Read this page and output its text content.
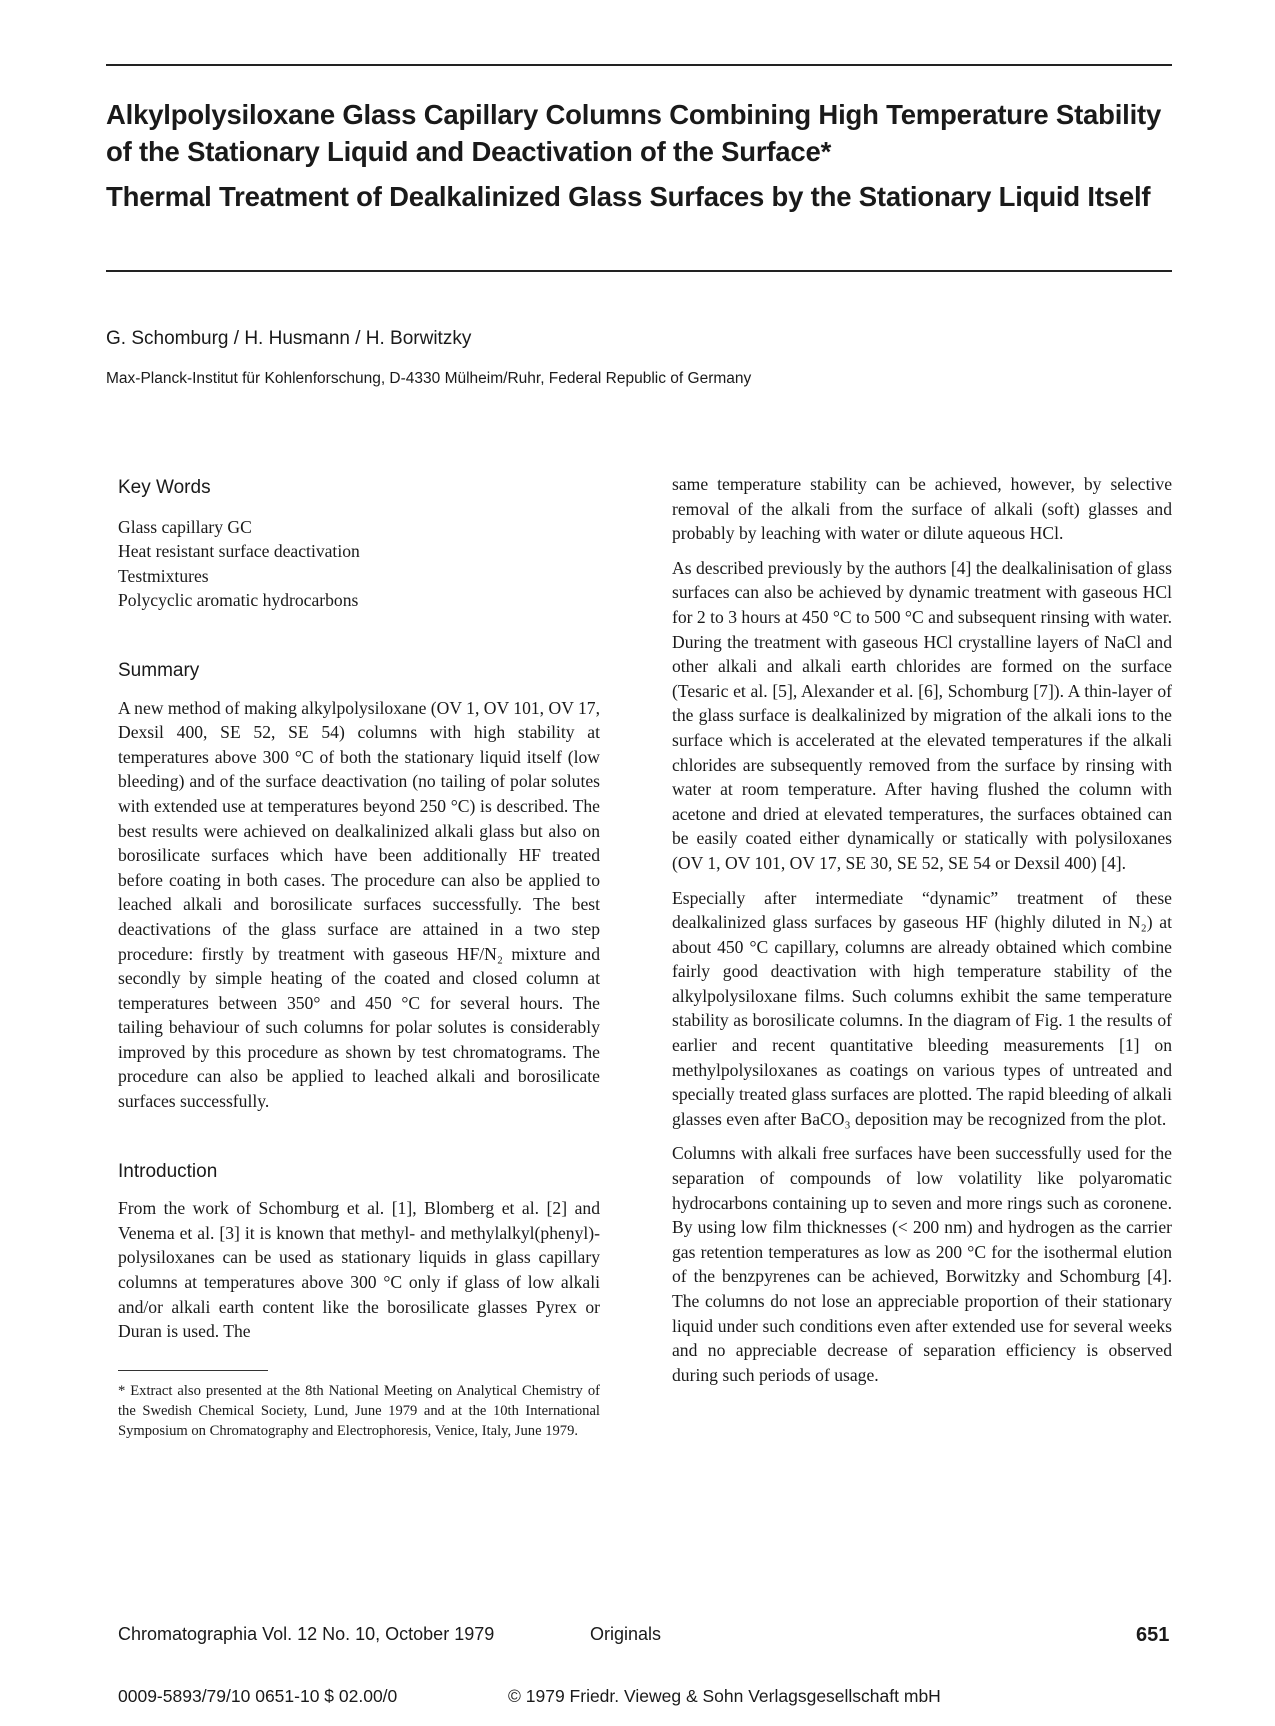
Alkylpolysiloxane Glass Capillary Columns Combining High Temperature Stability of the Stationary Liquid and Deactivation of the Surface*
Thermal Treatment of Dealkalinized Glass Surfaces by the Stationary Liquid Itself
G. Schomburg / H. Husmann / H. Borwitzky
Max-Planck-Institut für Kohlenforschung, D-4330 Mülheim/Ruhr, Federal Republic of Germany
Key Words
Glass capillary GC
Heat resistant surface deactivation
Testmixtures
Polycyclic aromatic hydrocarbons
Summary

A new method of making alkylpolysiloxane (OV 1, OV 101, OV 17, Dexsil 400, SE 52, SE 54) columns with high stability at temperatures above 300 °C of both the stationary liquid itself (low bleeding) and of the surface deactivation (no tailing of polar solutes with extended use at temperatures beyond 250 °C) is described. The best results were achieved on dealkalinized alkali glass but also on borosilicate surfaces which have been additionally HF treated before coating in both cases. The procedure can also be applied to leached alkali and borosilicate surfaces successfully. The best deactivations of the glass surface are attained in a two step procedure: firstly by treatment with gaseous HF/N₂ mixture and secondly by simple heating of the coated and closed column at temperatures between 350° and 450 °C for several hours. The tailing behaviour of such columns for polar solutes is considerably improved by this procedure as shown by test chromatograms. The procedure can also be applied to leached alkali and borosilicate surfaces successfully.

Introduction

From the work of Schomburg et al. [1], Blomberg et al. [2] and Venema et al. [3] it is known that methyl- and methylalkyl(phenyl)-polysiloxanes can be used as stationary liquids in glass capillary columns at temperatures above 300 °C only if glass of low alkali and/or alkali earth content like the borosilicate glasses Pyrex or Duran is used. The

* Extract also presented at the 8th National Meeting on Analytical Chemistry of the Swedish Chemical Society, Lund, June 1979 and at the 10th International Symposium on Chromatography and Electrophoresis, Venice, Italy, June 1979.

same temperature stability can be achieved, however, by selective removal of the alkali from the surface of alkali (soft) glasses and probably by leaching with water or dilute aqueous HCl.

As described previously by the authors [4] the dealkalinisation of glass surfaces can also be achieved by dynamic treatment with gaseous HCl for 2 to 3 hours at 450 °C to 500 °C and subsequent rinsing with water. During the treatment with gaseous HCl crystalline layers of NaCl and other alkali and alkali earth chlorides are formed on the surface (Tesaric et al. [5], Alexander et al. [6], Schomburg [7]). A thin-layer of the glass surface is dealkalinized by migration of the alkali ions to the surface which is accelerated at the elevated temperatures if the alkali chlorides are subsequently removed from the surface by rinsing with water at room temperature. After having flushed the column with acetone and dried at elevated temperatures, the surfaces obtained can be easily coated either dynamically or statically with polysiloxanes (OV 1, OV 101, OV 17, SE 30, SE 52, SE 54 or Dexsil 400) [4].

Especially after intermediate “dynamic” treatment of these dealkalinized glass surfaces by gaseous HF (highly diluted in N₂) at about 450 °C capillary, columns are already obtained which combine fairly good deactivation with high temperature stability of the alkylpolysiloxane films. Such columns exhibit the same temperature stability as borosilicate columns. In the diagram of Fig. 1 the results of earlier and recent quantitative bleeding measurements [1] on methylpolysiloxanes as coatings on various types of untreated and specially treated glass surfaces are plotted. The rapid bleeding of alkali glasses even after BaCO₃ deposition may be recognized from the plot.

Columns with alkali free surfaces have been successfully used for the separation of compounds of low volatility like polyaromatic hydrocarbons containing up to seven and more rings such as coronene. By using low film thicknesses (< 200 nm) and hydrogen as the carrier gas retention temperatures as low as 200 °C for the isothermal elution of the benzpyrenes can be achieved, Borwitzky and Schomburg [4]. The columns do not lose an appreciable proportion of their stationary liquid under such conditions even after extended use for several weeks and no appreciable decrease of separation efficiency is observed during such periods of usage.

Chromatographia Vol. 12 No. 10, October 1979	Originals	651
0009-5893/79/10 0651-10 $ 02.00/0	© 1979 Friedr. Vieweg & Sohn Verlagsgesellschaft mbH
